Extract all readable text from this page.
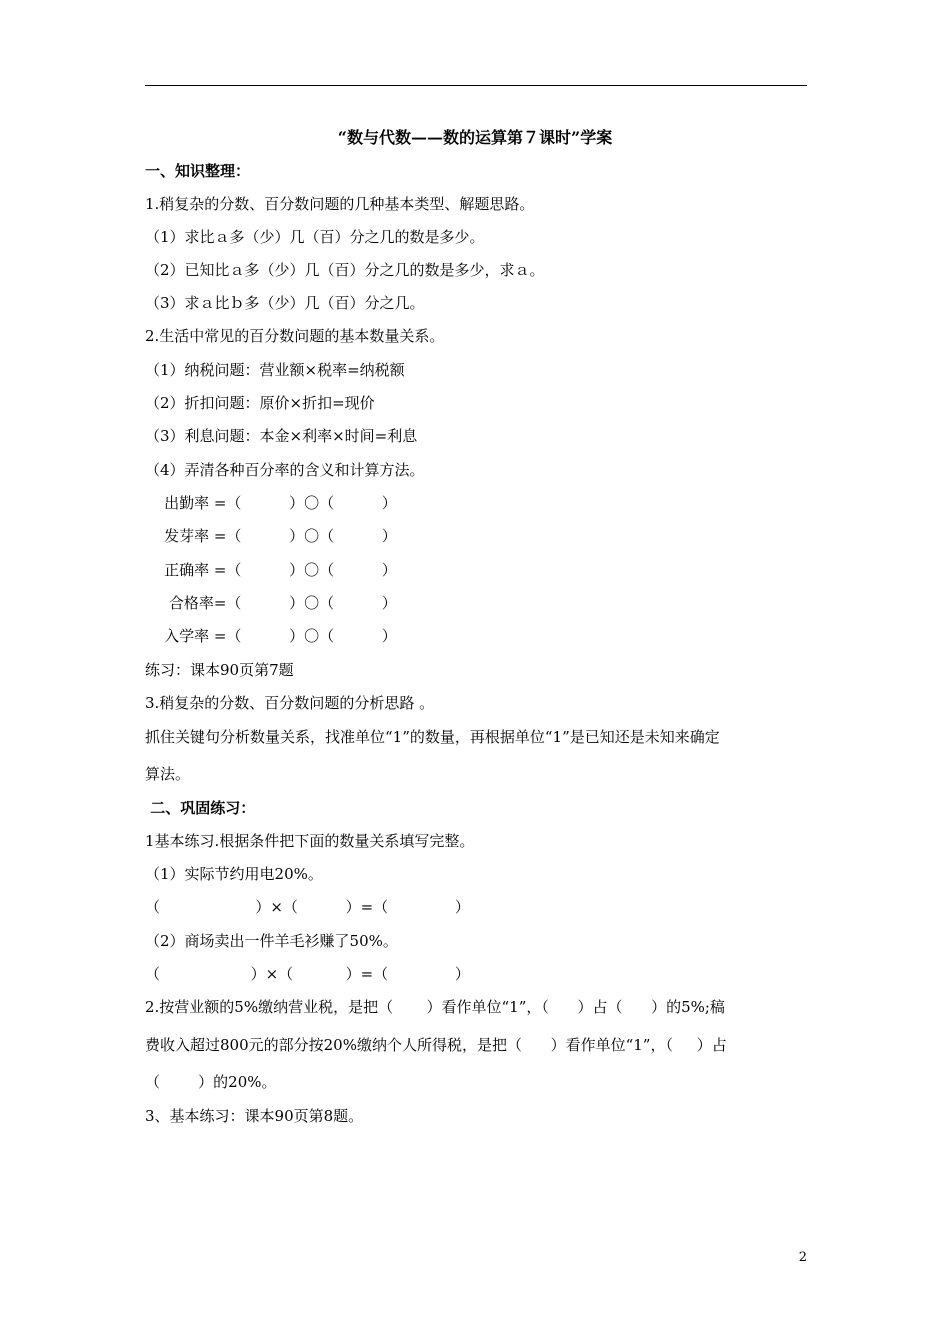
“数与代数——数的运算第７课时”学案
一、知识整理：
1.稍复杂的分数、百分数问题的几种基本类型、解题思路。
（1）求比ａ多（少）几（百）分之几的数是多少。
（2）已知比ａ多（少）几（百）分之几的数是多少，求ａ。
（3）求ａ比ｂ多（少）几（百）分之几。
2.生活中常见的百分数问题的基本数量关系。
（1）纳税问题：营业额×税率=纳税额
（2）折扣问题：原价×折扣=现价
（3）利息问题：本金×利率×时间=利息
（4）弄清各种百分率的含义和计算方法。
出勤率 =（          ）〇（          ）
发芽率 =（          ）〇（          ）
正确率 =（          ）〇（          ）
合格率=（          ）〇（          ）
入学率 =（          ）〇（          ）
练习：课本90页第7题
3.稍复杂的分数、百分数问题的分析思路 。
抓住关键句分析数量关系，找准单位“1”的数量，再根据单位“1”是已知还是未知来确定
算法。
二、巩固练习：
1基本练习.根据条件把下面的数量关系填写完整。
（1）实际节约用电20%。
（                    ）×（          ）=（              ）
（2）商场卖出一件羊毛衫赚了50%。
（                   ）×（           ）=（              ）
2.按营业额的5%缴纳营业税，是把（       ）看作单位“1”，（      ）占（      ）的5%;稿
费收入超过800元的部分按20%缴纳个人所得税，是把（      ）看作单位“1”，（     ）占
（        ）的20%。
3、基本练习：课本90页第8题。
2
